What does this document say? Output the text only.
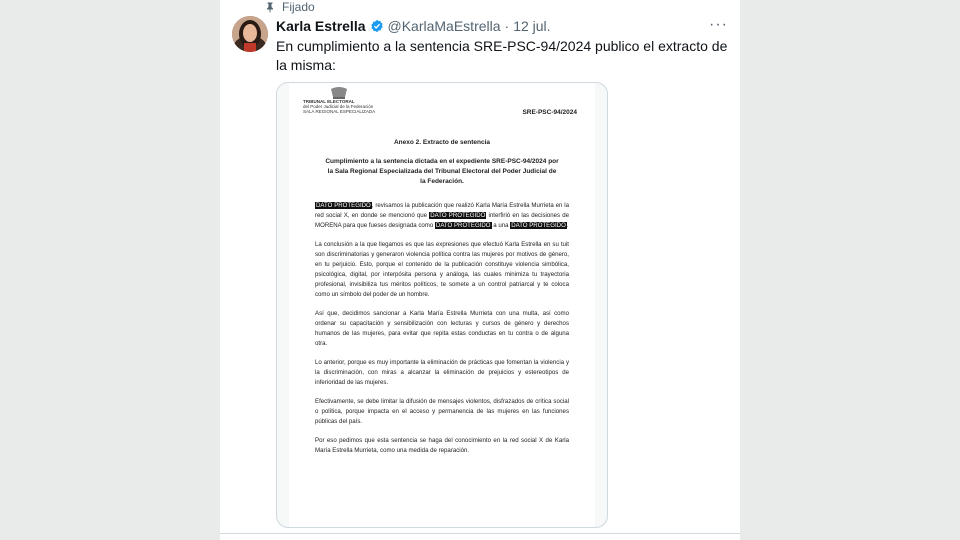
Fijado
Karla Estrella @KarlaMaEstrella · 12 jul.	···
En cumplimiento a la sentencia SRE-PSC-94/2024 publico el extracto de la misma:
TRIBUNAL ELECTORAL
del Poder Judicial de la Federación
SALA REGIONAL ESPECIALIZADA	SRE-PSC-94/2024
Anexo 2. Extracto de sentencia
Cumplimiento a la sentencia dictada en el expediente SRE-PSC-94/2024 por la Sala Regional Especializada del Tribunal Electoral del Poder Judicial de la Federación.

DATO PROTEGIDO, revisamos la publicación que realizó Karla María Estrella Murrieta en la red social X, en donde se mencionó que DATO PROTEGIDO interfirió en las decisiones de MORENA para que fueses designada como DATO PROTEGIDO a una DATO PROTEGIDO.

La conclusión a la que llegamos es que las expresiones que efectuó Karla Estrella en su tuit son discriminatorias y generaron violencia política contra las mujeres por motivos de género, en tu perjuicio. Esto, porque el contenido de la publicación constituye violencia simbólica, psicológica, digital, por interpósita persona y análoga, las cuales minimiza tu trayectoria profesional, invisibiliza tus méritos políticos, te somete a un control patriarcal y te coloca como un símbolo del poder de un hombre.

Así que, decidimos sancionar a Karla María Estrella Murrieta con una multa, así como ordenar su capacitación y sensibilización con lecturas y cursos de género y derechos humanos de las mujeres, para evitar que repita estas conductas en tu contra o de alguna otra.

Lo anterior, porque es muy importante la eliminación de prácticas que fomentan la violencia y la discriminación, con miras a alcanzar la eliminación de prejuicios y estereotipos de inferioridad de las mujeres.

Efectivamente, se debe limitar la difusión de mensajes violentos, disfrazados de crítica social o política, porque impacta en el acceso y permanencia de las mujeres en las funciones públicas del país.

Por eso pedimos que esta sentencia se haga del conocimiento en la red social X de Karla María Estrella Murrieta, como una medida de reparación.
